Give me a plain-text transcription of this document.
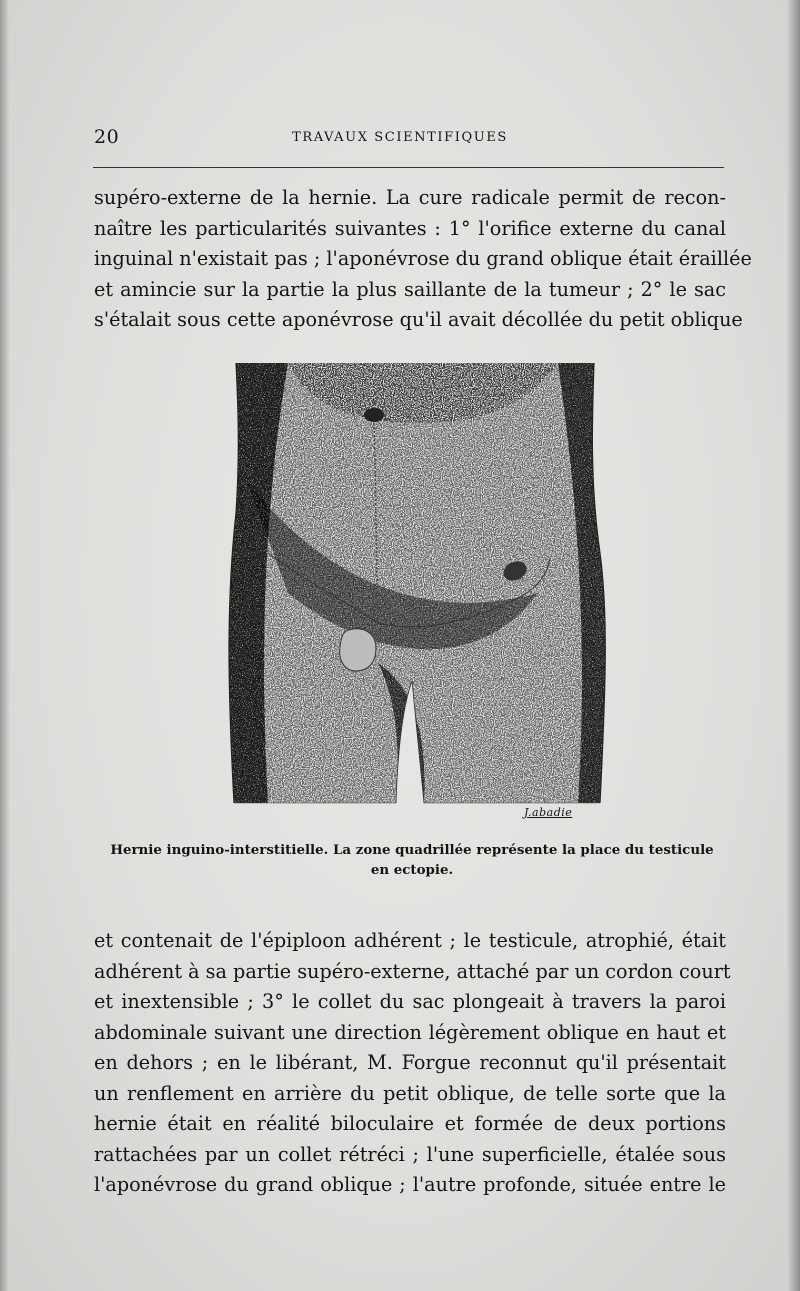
20	TRAVAUX SCIENTIFIQUES
supéro-externe de la hernie. La cure radicale permit de recon-
naître les particularités suivantes : 1° l'orifice externe du canal
inguinal n'existait pas ; l'aponévrose du grand oblique était éraillée
et amincie sur la partie la plus saillante de la tumeur ; 2° le sac
s'étalait sous cette aponévrose qu'il avait décollée du petit oblique
J.abadie
Hernie inguino-interstitielle. La zone quadrillée représente la place du testicule en ectopie.
et contenait de l'épiploon adhérent ; le testicule, atrophié, était
adhérent à sa partie supéro-externe, attaché par un cordon court
et inextensible ; 3° le collet du sac plongeait à travers la paroi
abdominale suivant une direction légèrement oblique en haut et
en dehors ; en le libérant, M. Forgue reconnut qu'il présentait
un renflement en arrière du petit oblique, de telle sorte que la
hernie était en réalité biloculaire et formée de deux portions
rattachées par un collet rétréci ; l'une superficielle, étalée sous
l'aponévrose du grand oblique ; l'autre profonde, située entre le
